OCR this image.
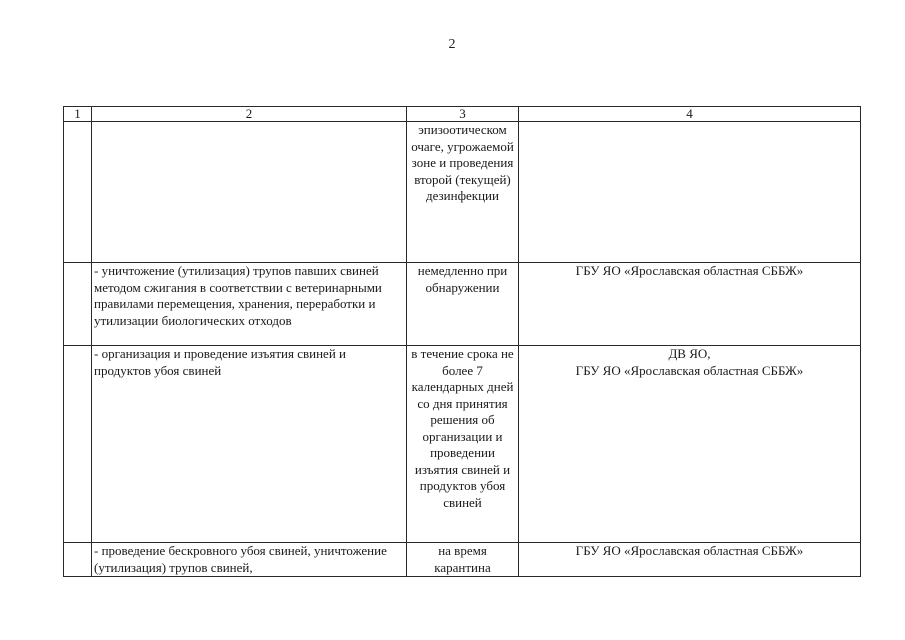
2
1	2	3	4
		эпизоотическом очаге, угрожаемой зоне и проведения второй (текущей) дезинфекции	
	- уничтожение (утилизация) трупов павших свиней методом сжигания в соответствии с ветеринарными правилами перемещения, хранения, переработки и утилизации биологических отходов	немедленно при обнаружении	ГБУ ЯО «Ярославская областная СББЖ»
	- организация и проведение изъятия свиней и продуктов убоя свиней	в течение срока не более 7 календарных дней со дня принятия решения об организации и проведении изъятия свиней и продуктов убоя свиней	ДВ ЯО,
ГБУ ЯО «Ярославская областная СББЖ»
	- проведение бескровного убоя свиней, уничтожение (утилизация) трупов свиней,	на время карантина	ГБУ ЯО «Ярославская областная СББЖ»
